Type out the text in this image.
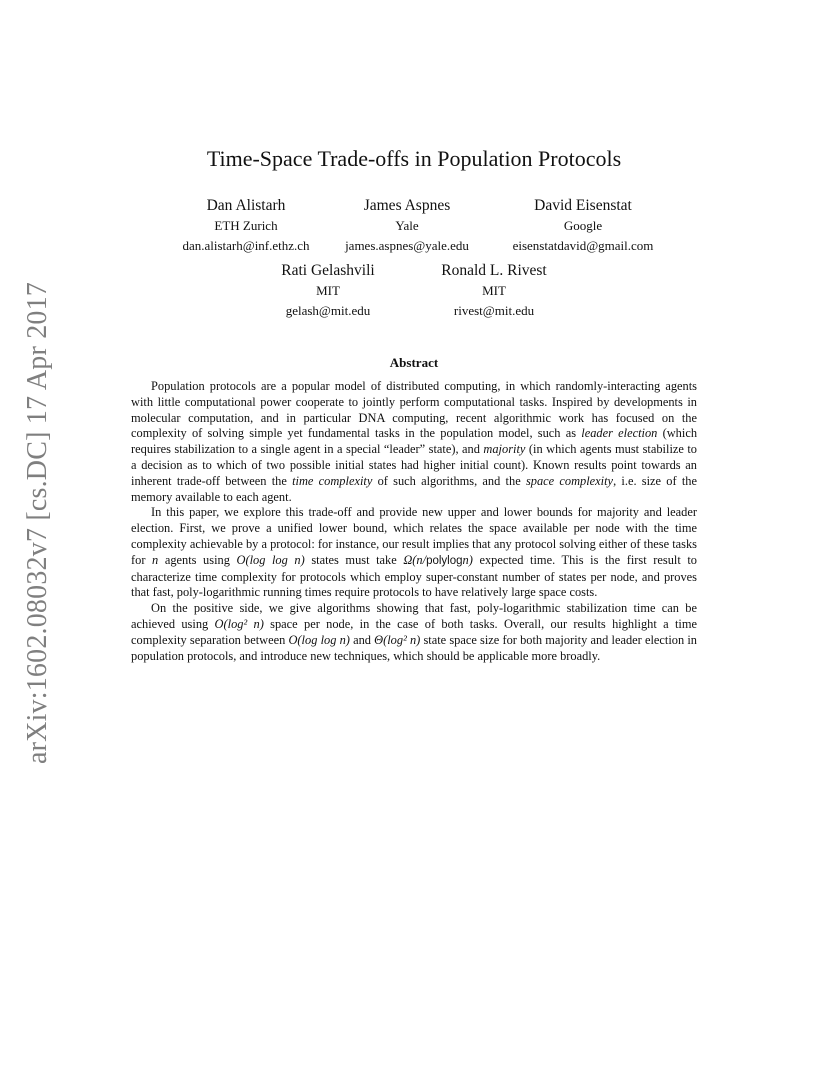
arXiv:1602.08032v7 [cs.DC] 17 Apr 2017
Time-Space Trade-offs in Population Protocols
Dan Alistarh
ETH Zurich
dan.alistarh@inf.ethz.ch
James Aspnes
Yale
james.aspnes@yale.edu
David Eisenstat
Google
eisenstatdavid@gmail.com
Rati Gelashvili
MIT
gelash@mit.edu
Ronald L. Rivest
MIT
rivest@mit.edu
Abstract

Population protocols are a popular model of distributed computing, in which randomly-interacting agents with little computational power cooperate to jointly perform computational tasks. Inspired by developments in molecular computation, and in particular DNA computing, recent algorithmic work has focused on the complexity of solving simple yet fundamental tasks in the population model, such as leader election (which requires stabilization to a single agent in a special “leader” state), and majority (in which agents must stabilize to a decision as to which of two possible initial states had higher initial count). Known results point towards an inherent trade-off between the time complexity of such algorithms, and the space complexity, i.e. size of the memory available to each agent.

In this paper, we explore this trade-off and provide new upper and lower bounds for majority and leader election. First, we prove a unified lower bound, which relates the space available per node with the time complexity achievable by a protocol: for instance, our result implies that any protocol solving either of these tasks for n agents using O(log log n) states must take Ω(n/polylogn) expected time. This is the first result to characterize time complexity for protocols which employ super-constant number of states per node, and proves that fast, poly-logarithmic running times require protocols to have relatively large space costs.

On the positive side, we give algorithms showing that fast, poly-logarithmic stabilization time can be achieved using O(log² n) space per node, in the case of both tasks. Overall, our results highlight a time complexity separation between O(log log n) and Θ(log² n) state space size for both majority and leader election in population protocols, and introduce new techniques, which should be applicable more broadly.
